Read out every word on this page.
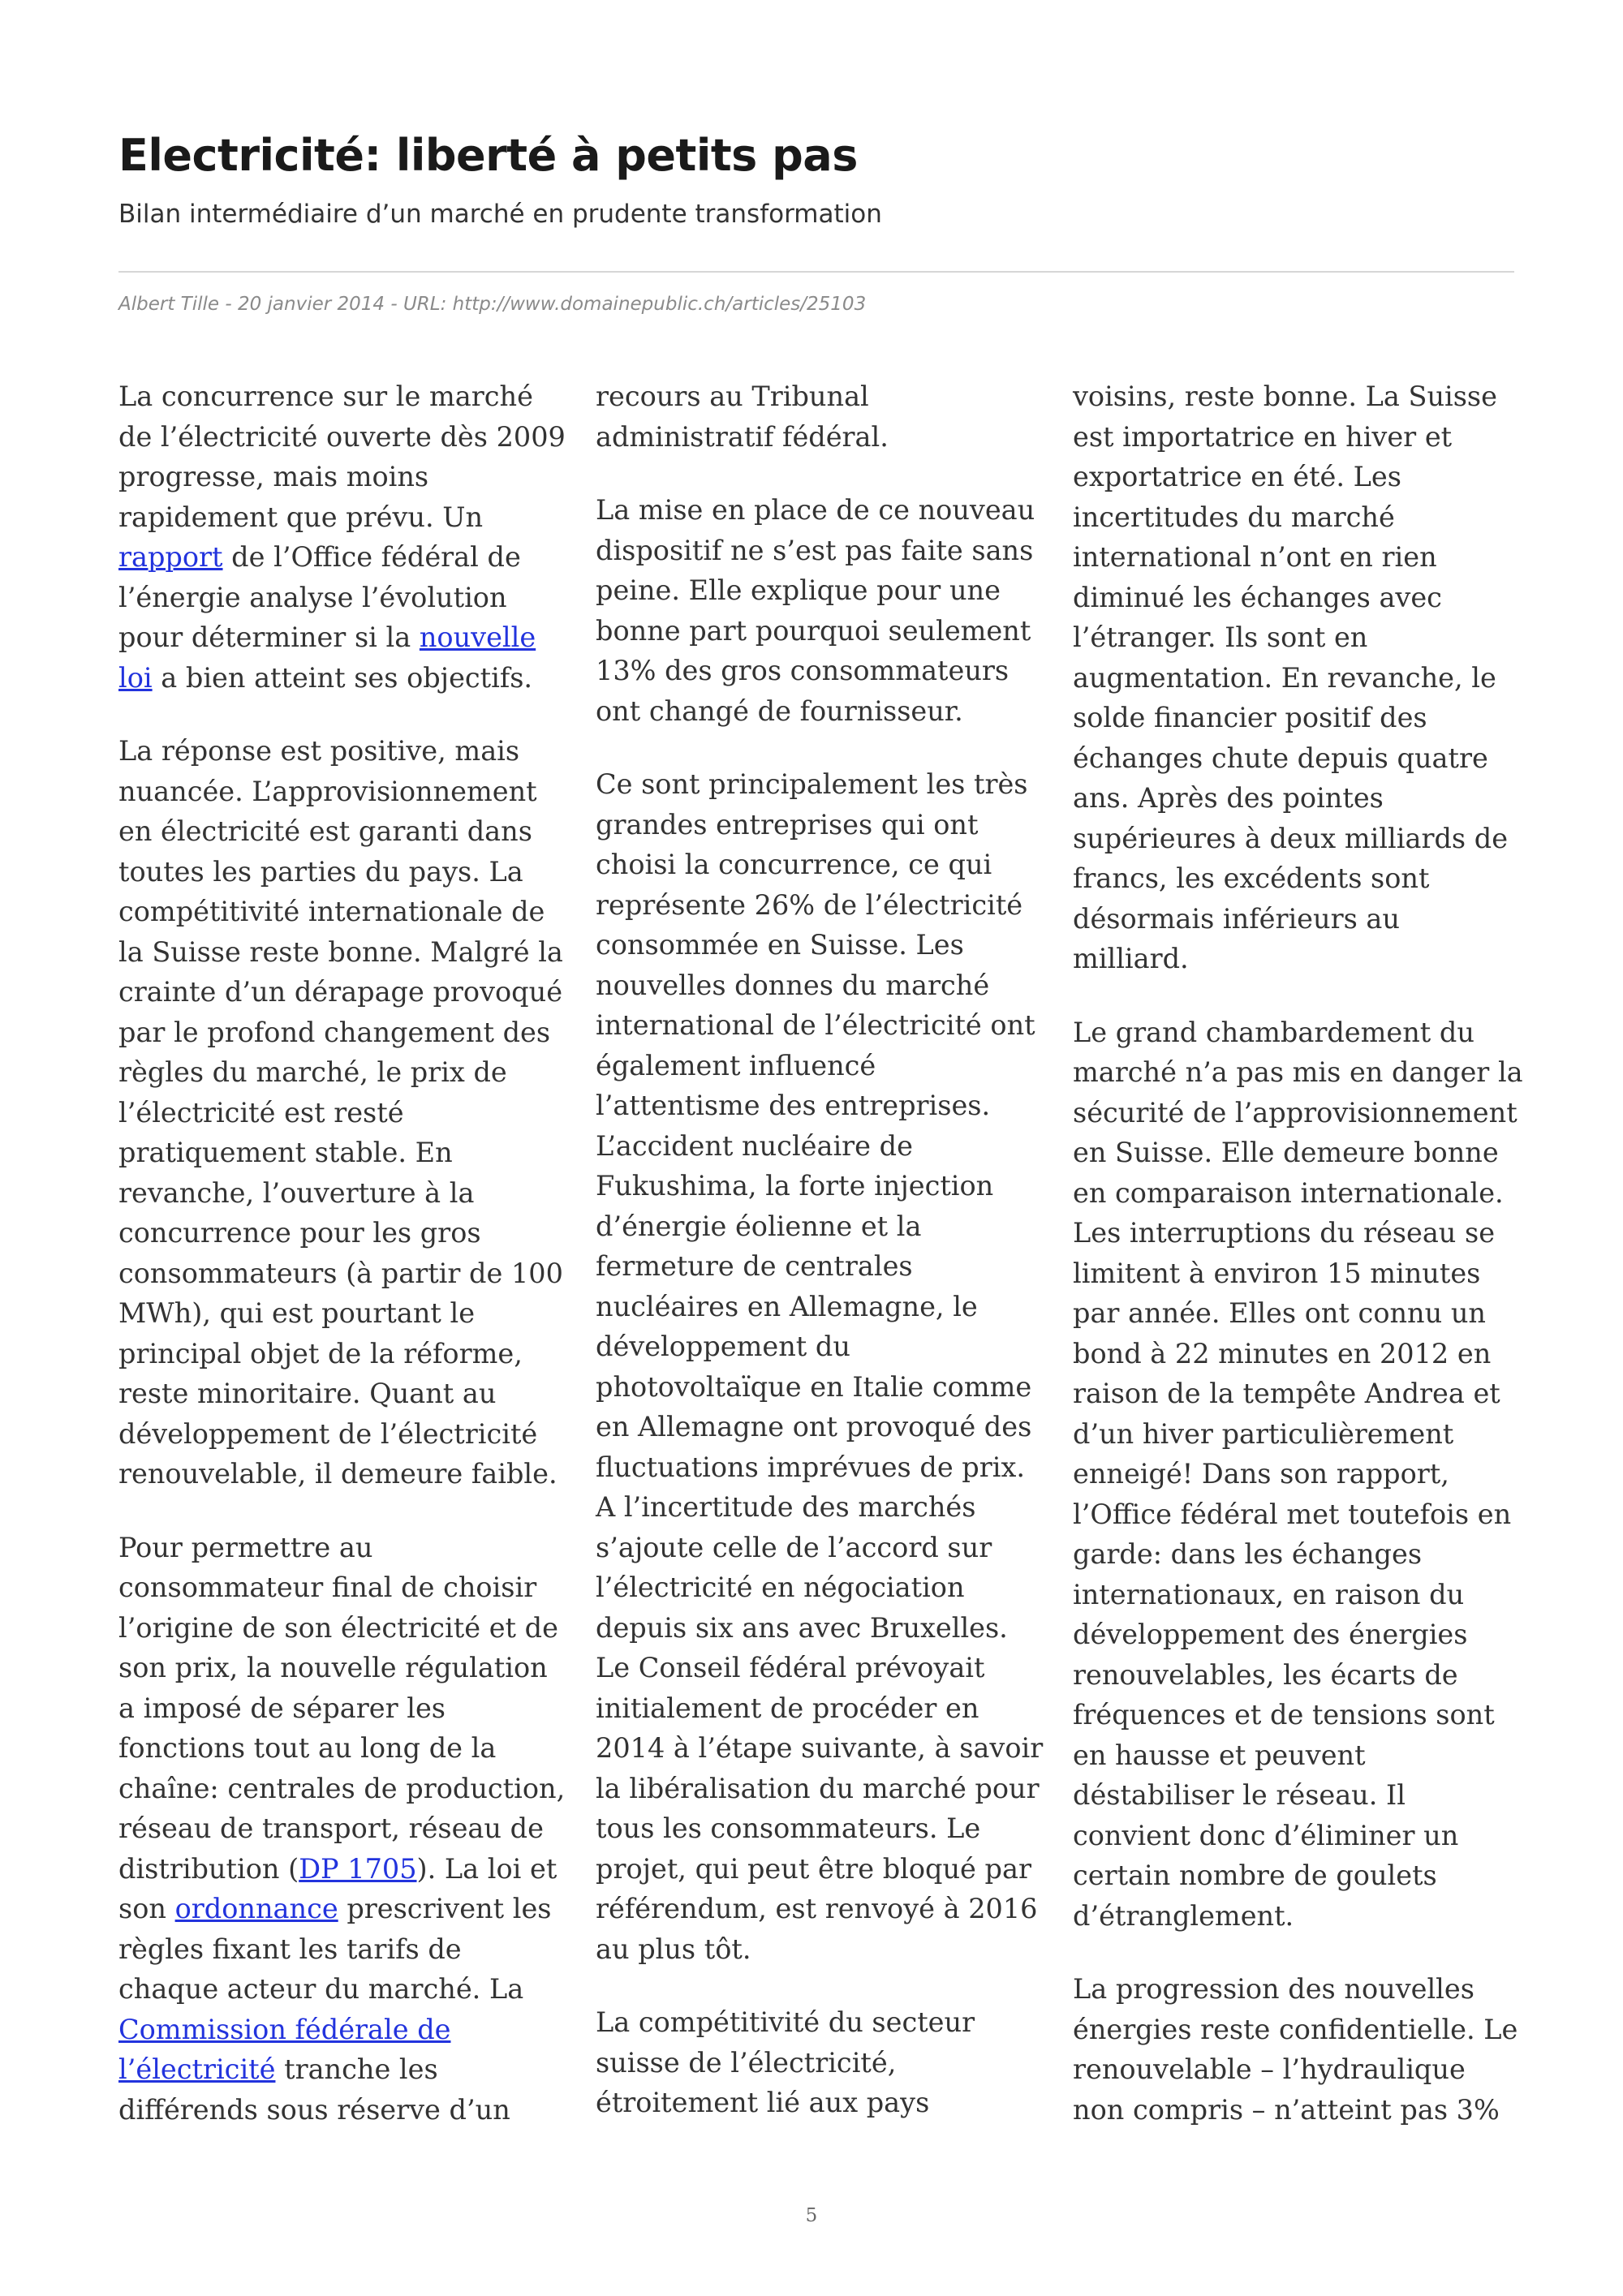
Electricité: liberté à petits pas
Bilan intermédiaire d’un marché en prudente transformation
Albert Tille - 20 janvier 2014 - URL: http://www.domainepublic.ch/articles/25103

La concurrence sur le marché de l’électricité ouverte dès 2009 progresse, mais moins rapidement que prévu. Un rapport de l’Office fédéral de l’énergie analyse l’évolution pour déterminer si la nouvelle loi a bien atteint ses objectifs.

La réponse est positive, mais nuancée. L’approvisionnement en électricité est garanti dans toutes les parties du pays. La compétitivité internationale de la Suisse reste bonne. Malgré la crainte d’un dérapage provoqué par le profond changement des règles du marché, le prix de l’électricité est resté pratiquement stable. En revanche, l’ouverture à la concurrence pour les gros consommateurs (à partir de 100 MWh), qui est pourtant le principal objet de la réforme, reste minoritaire. Quant au développement de l’électricité renouvelable, il demeure faible.

Pour permettre au consommateur final de choisir l’origine de son électricité et de son prix, la nouvelle régulation a imposé de séparer les fonctions tout au long de la chaîne: centrales de production, réseau de transport, réseau de distribution (DP 1705). La loi et son ordonnance prescrivent les règles fixant les tarifs de chaque acteur du marché. La Commission fédérale de l’électricité tranche les différends sous réserve d’un

recours au Tribunal administratif fédéral.

La mise en place de ce nouveau dispositif ne s’est pas faite sans peine. Elle explique pour une bonne part pourquoi seulement 13% des gros consommateurs ont changé de fournisseur.

Ce sont principalement les très grandes entreprises qui ont choisi la concurrence, ce qui représente 26% de l’électricité consommée en Suisse. Les nouvelles donnes du marché international de l’électricité ont également influencé l’attentisme des entreprises. L’accident nucléaire de Fukushima, la forte injection d’énergie éolienne et la fermeture de centrales nucléaires en Allemagne, le développement du photovoltaïque en Italie comme en Allemagne ont provoqué des fluctuations imprévues de prix. A l’incertitude des marchés s’ajoute celle de l’accord sur l’électricité en négociation depuis six ans avec Bruxelles. Le Conseil fédéral prévoyait initialement de procéder en 2014 à l’étape suivante, à savoir la libéralisation du marché pour tous les consommateurs. Le projet, qui peut être bloqué par référendum, est renvoyé à 2016 au plus tôt.

La compétitivité du secteur suisse de l’électricité, étroitement lié aux pays

voisins, reste bonne. La Suisse est importatrice en hiver et exportatrice en été. Les incertitudes du marché international n’ont en rien diminué les échanges avec l’étranger. Ils sont en augmentation. En revanche, le solde financier positif des échanges chute depuis quatre ans. Après des pointes supérieures à deux milliards de francs, les excédents sont désormais inférieurs au milliard.

Le grand chambardement du marché n’a pas mis en danger la sécurité de l’approvisionnement en Suisse. Elle demeure bonne en comparaison internationale. Les interruptions du réseau se limitent à environ 15 minutes par année. Elles ont connu un bond à 22 minutes en 2012 en raison de la tempête Andrea et d’un hiver particulièrement enneigé! Dans son rapport, l’Office fédéral met toutefois en garde: dans les échanges internationaux, en raison du développement des énergies renouvelables, les écarts de fréquences et de tensions sont en hausse et peuvent déstabiliser le réseau. Il convient donc d’éliminer un certain nombre de goulets d’étranglement.

La progression des nouvelles énergies reste confidentielle. Le renouvelable – l’hydraulique non compris – n’atteint pas 3%

5
